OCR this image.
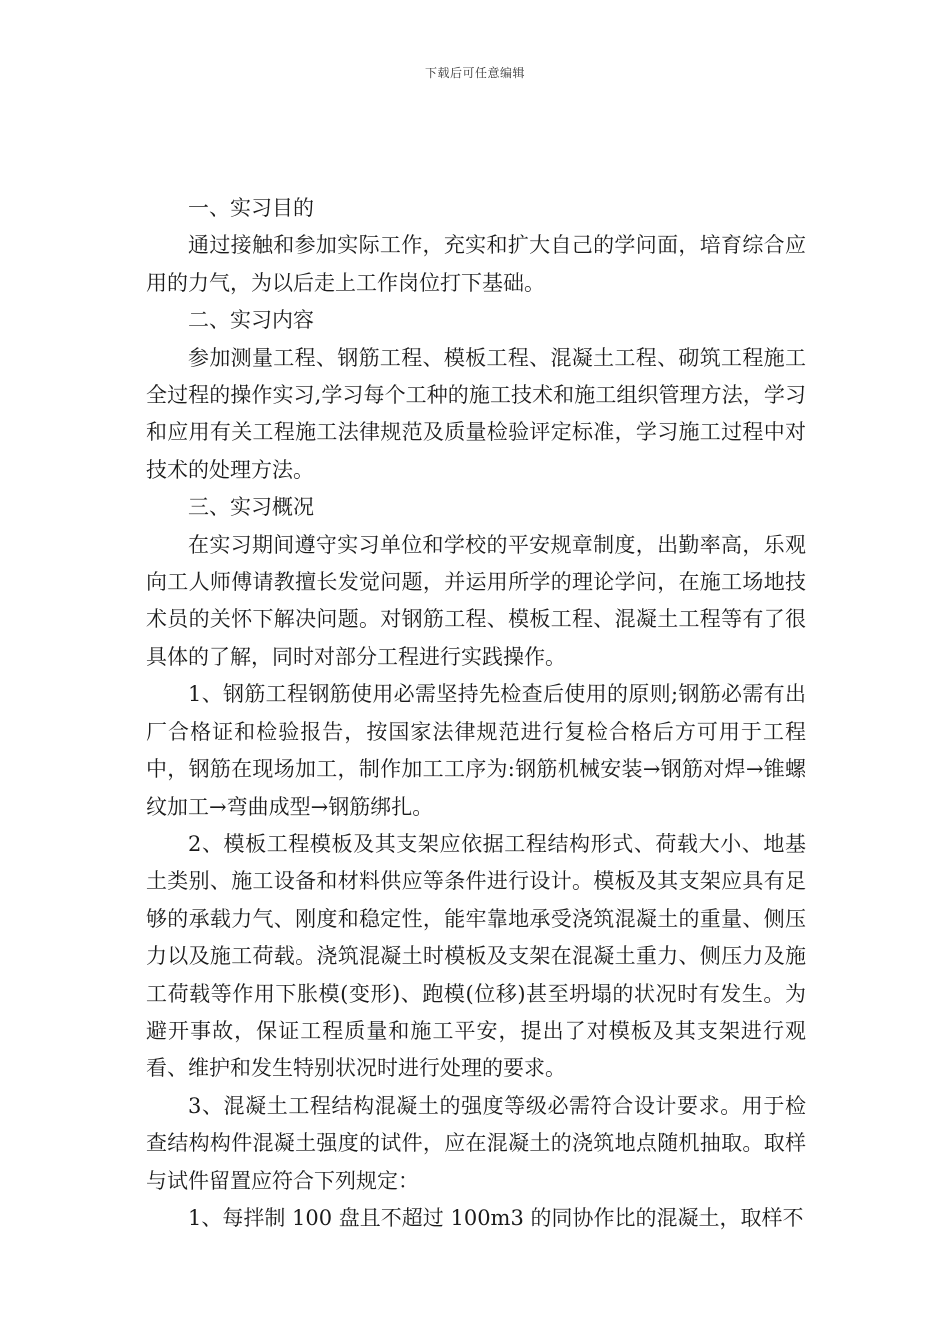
下载后可任意编辑

一、实习目的

通过接触和参加实际工作，充实和扩大自己的学问面，培育综合应用的力气，为以后走上工作岗位打下基础。

二、实习内容

参加测量工程、钢筋工程、模板工程、混凝土工程、砌筑工程施工全过程的操作实习,学习每个工种的施工技术和施工组织管理方法，学习和应用有关工程施工法律规范及质量检验评定标准，学习施工过程中对技术的处理方法。

三、实习概况

在实习期间遵守实习单位和学校的平安规章制度，出勤率高，乐观向工人师傅请教擅长发觉问题，并运用所学的理论学问，在施工场地技术员的关怀下解决问题。对钢筋工程、模板工程、混凝土工程等有了很具体的了解，同时对部分工程进行实践操作。

1、钢筋工程钢筋使用必需坚持先检查后使用的原则;钢筋必需有出厂合格证和检验报告，按国家法律规范进行复检合格后方可用于工程中，钢筋在现场加工，制作加工工序为:钢筋机械安装→钢筋对焊→锥螺纹加工→弯曲成型→钢筋绑扎。

2、模板工程模板及其支架应依据工程结构形式、荷载大小、地基土类别、施工设备和材料供应等条件进行设计。模板及其支架应具有足够的承载力气、刚度和稳定性，能牢靠地承受浇筑混凝土的重量、侧压力以及施工荷载。浇筑混凝土时模板及支架在混凝土重力、侧压力及施工荷载等作用下胀模(变形)、跑模(位移)甚至坍塌的状况时有发生。为避开事故，保证工程质量和施工平安，提出了对模板及其支架进行观看、维护和发生特别状况时进行处理的要求。

3、混凝土工程结构混凝土的强度等级必需符合设计要求。用于检查结构构件混凝土强度的试件，应在混凝土的浇筑地点随机抽取。取样与试件留置应符合下列规定：

1、每拌制 100 盘且不超过 100m3 的同协作比的混凝土，取样不
